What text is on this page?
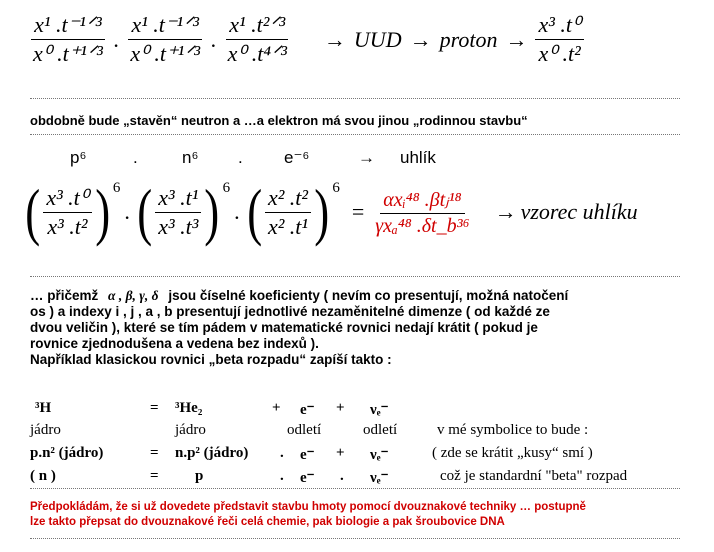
$\frac{\text{x¹ .t⁻¹ᐟ³}}{\text{x⁰ .t⁺¹ᐟ³}}$ . $\frac{\text{x¹ .t⁻¹ᐟ³}}{\text{x⁰ .t⁺¹ᐟ³}}$ . $\frac{\text{x¹ .t²ᐟ³}}{\text{x⁰ .t⁴ᐟ³}}$ → UUD → proton → $\frac{\text{x³ .t⁰}}{\text{x⁰ .t²}}$
obdobně bude „stavěn“ neutron a …a elektron má svou jinou „rodinnou stavbu“
p⁶	.	n⁶ . e⁻⁶	→ uhlík
( $\frac{\text{x³ .t⁰}}{\text{x³ .t²}}$ ) 6
. ( $\frac{\text{x³ .t¹}}{\text{x³ .t³}}$ ) 6
. ( $\frac{\text{x² .t²}}{\text{x² .t¹}}$ ) 6
= $\frac{\text{αxᵢ⁴⁸ .βtⱼ¹⁸}}{\text{γxₐ⁴⁸ .δt\_b³⁶}}$ → vzorec uhlíku
… přičemž α , β, γ, δ jsou číselné koeficienty ( nevím co presentují, možná natočení
os ) a indexy i , j , a , b presentují jednotlivé nezaměnitelné dimenze ( od každé ze
dvou veličin ), které se tím pádem v matematické rovnici nedají krátit ( pokud je
rovnice zjednodušena a vedena bez indexů ).
Například klasickou rovnici „beta rozpadu“ zapíší takto :
³H	= ³He₂	+ e⁻ + νₑ⁻
jádro	jádro	odletí	odletí	v mé symbolice to bude :
p.n² (jádro)	= n.p² (jádro) . e⁻ + νₑ⁻	( zde se krátit „kusy“ smí )
( n )	= p	. e⁻ . νₑ⁻	což je standardní "beta" rozpad
Předpokládám, že si už dovedete představit stavbu hmoty pomocí dvouznakové techniky … postupně
lze takto přepsat do dvouznakové řeči celá chemie, pak biologie a pak šroubovice DNA
